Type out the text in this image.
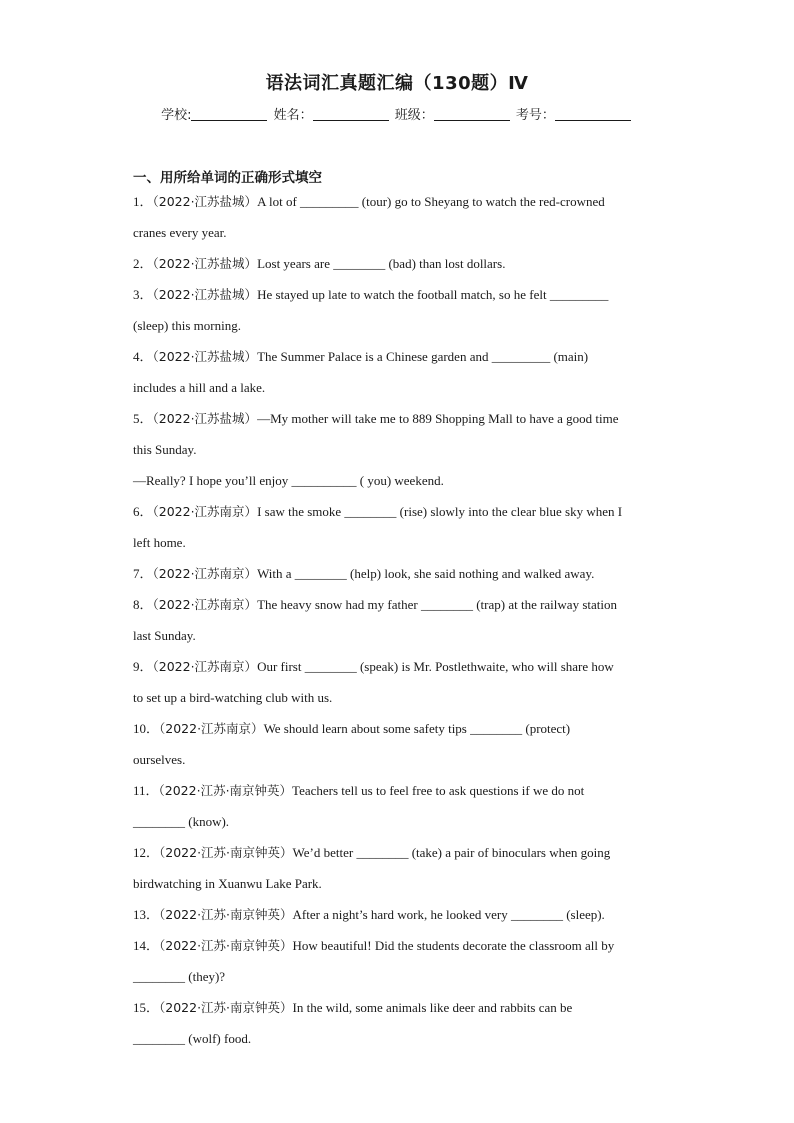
语法词汇真题汇编（130题）Ⅳ
学校:	姓名：	班级：	考号：
一、用所给单词的正确形式填空
1．（2022·江苏盐城）A lot of _________ (tour) go to Sheyang to watch the red-crowned
cranes every year.
2．（2022·江苏盐城）Lost years are ________ (bad) than lost dollars.
3．（2022·江苏盐城）He stayed up late to watch the football match, so he felt _________
(sleep) this morning.
4．（2022·江苏盐城）The Summer Palace is a Chinese garden and _________ (main)
includes a hill and a lake.
5．（2022·江苏盐城）—My mother will take me to 889 Shopping Mall to have a good time
this Sunday.
—Really? I hope you’ll enjoy __________ ( you) weekend.
6．（2022·江苏南京）I saw the smoke ________ (rise) slowly into the clear blue sky when I
left home.
7．（2022·江苏南京）With a ________ (help) look, she said nothing and walked away.
8．（2022·江苏南京）The heavy snow had my father ________ (trap) at the railway station
last Sunday.
9．（2022·江苏南京）Our first ________ (speak) is Mr. Postlethwaite, who will share how
to set up a bird-watching club with us.
10．（2022·江苏南京）We should learn about some safety tips ________ (protect)
ourselves.
11．（2022·江苏·南京钟英）Teachers tell us to feel free to ask questions if we do not
________ (know).
12．（2022·江苏·南京钟英）We’d better ________ (take) a pair of binoculars when going
birdwatching in Xuanwu Lake Park.
13．（2022·江苏·南京钟英）After a night’s hard work, he looked very ________ (sleep).
14．（2022·江苏·南京钟英）How beautiful! Did the students decorate the classroom all by
________ (they)?
15．（2022·江苏·南京钟英）In the wild, some animals like deer and rabbits can be
________ (wolf) food.
